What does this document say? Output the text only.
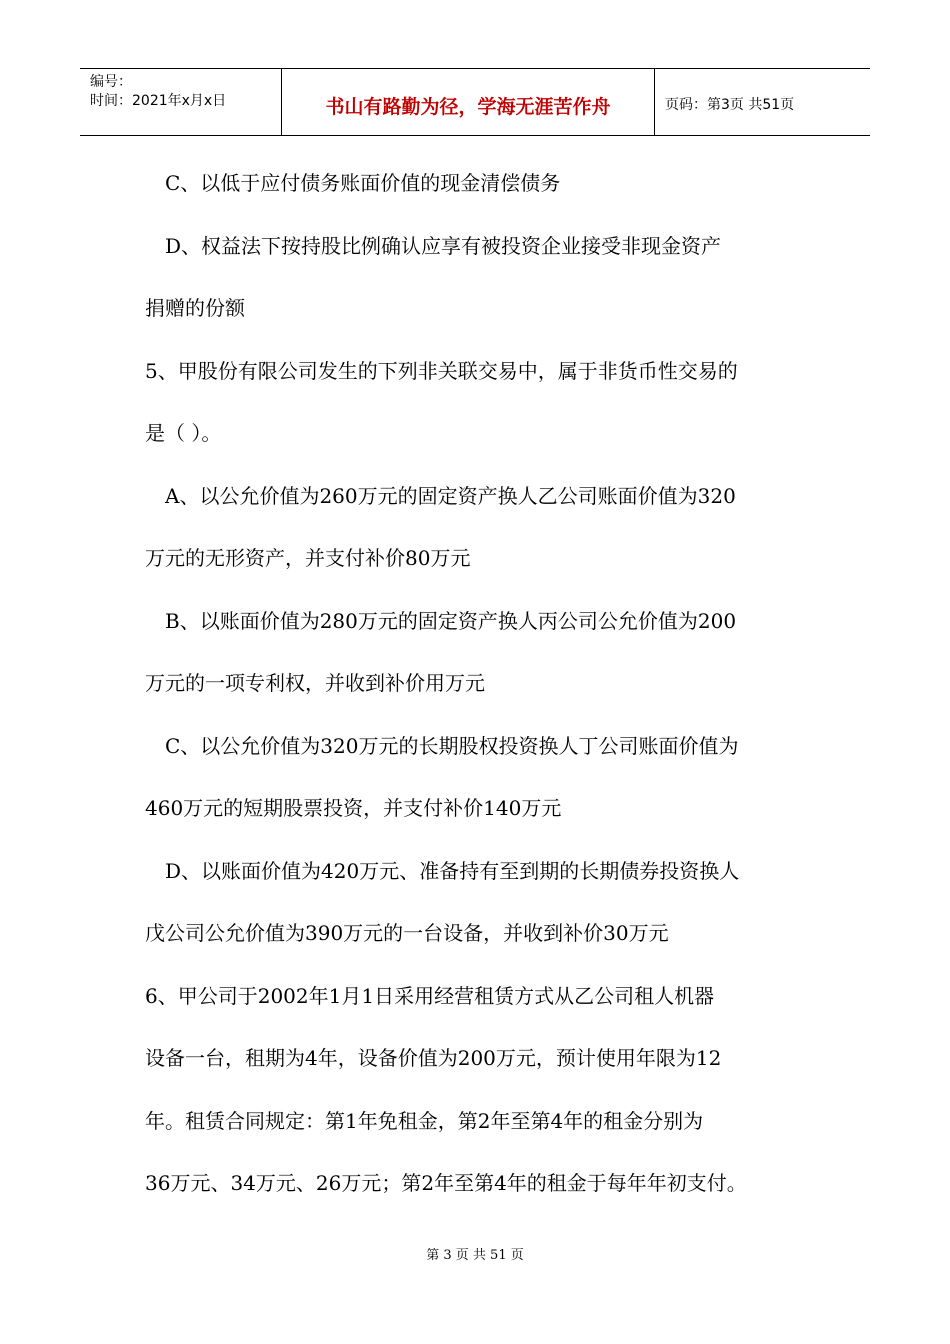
编号：
时间：2021年x月x日	书山有路勤为径，学海无涯苦作舟	页码：第3页 共51页

C、以低于应付债务账面价值的现金清偿债务

D、权益法下按持股比例确认应享有被投资企业接受非现金资产

捐赠的份额

5、甲股份有限公司发生的下列非关联交易中，属于非货币性交易的

是（ ）。

A、以公允价值为260万元的固定资产换人乙公司账面价值为320

万元的无形资产，并支付补价80万元

B、以账面价值为280万元的固定资产换人丙公司公允价值为200

万元的一项专利权，并收到补价用万元

C、以公允价值为320万元的长期股权投资换人丁公司账面价值为

460万元的短期股票投资，并支付补价140万元

D、以账面价值为420万元、准备持有至到期的长期债券投资换人

戊公司公允价值为390万元的一台设备，并收到补价30万元

6、甲公司于2002年1月1日采用经营租赁方式从乙公司租人机器

设备一台，租期为4年，设备价值为200万元，预计使用年限为12

年。租赁合同规定：第1年免租金，第2年至第4年的租金分别为

36万元、34万元、26万元；第2年至第4年的租金于每年年初支付。

第 3 页 共 51 页
